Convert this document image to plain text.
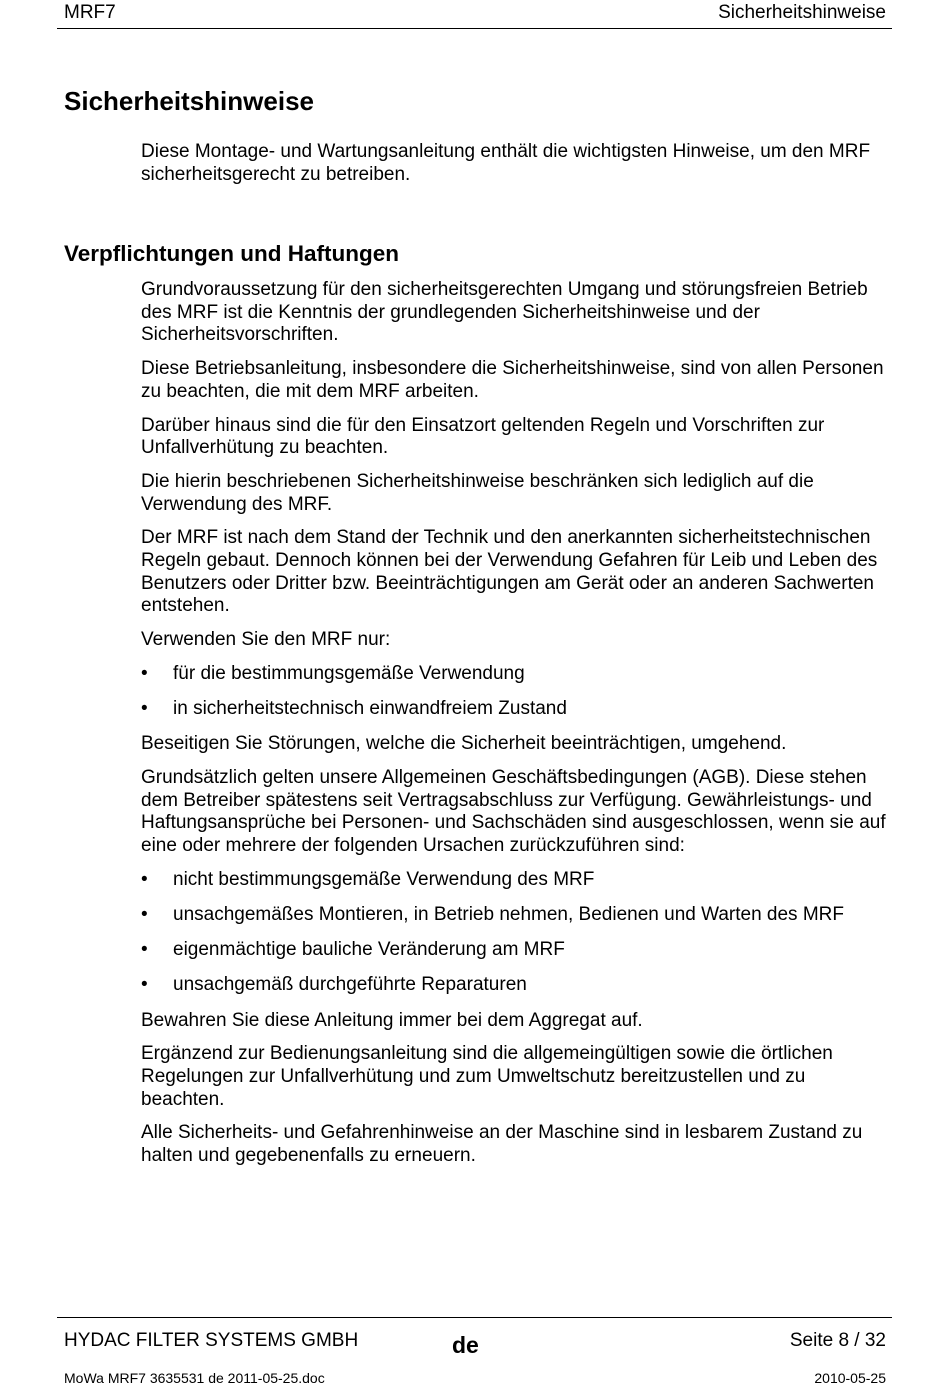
MRF7	Sicherheitshinweise
Sicherheitshinweise

Diese Montage- und Wartungsanleitung enthält die wichtigsten Hinweise, um den MRF sicherheitsgerecht zu betreiben.

Verpflichtungen und Haftungen

Grundvoraussetzung für den sicherheitsgerechten Umgang und störungsfreien Betrieb des MRF ist die Kenntnis der grundlegenden Sicherheitshinweise und der Sicherheitsvorschriften.

Diese Betriebsanleitung, insbesondere die Sicherheitshinweise, sind von allen Personen zu beachten, die mit dem MRF arbeiten.

Darüber hinaus sind die für den Einsatzort geltenden Regeln und Vorschriften zur Unfallverhütung zu beachten.

Die hierin beschriebenen Sicherheitshinweise beschränken sich lediglich auf die Verwendung des MRF.

Der MRF ist nach dem Stand der Technik und den anerkannten sicherheitstechnischen Regeln gebaut. Dennoch können bei der Verwendung Gefahren für Leib und Leben des Benutzers oder Dritter bzw. Beeinträchtigungen am Gerät oder an anderen Sachwerten entstehen.

Verwenden Sie den MRF nur:

• für die bestimmungsgemäße Verwendung
• in sicherheitstechnisch einwandfreiem Zustand

Beseitigen Sie Störungen, welche die Sicherheit beeinträchtigen, umgehend.

Grundsätzlich gelten unsere Allgemeinen Geschäftsbedingungen (AGB). Diese stehen dem Betreiber spätestens seit Vertragsabschluss zur Verfügung. Gewährleistungs- und Haftungsansprüche bei Personen- und Sachschäden sind ausgeschlossen, wenn sie auf eine oder mehrere der folgenden Ursachen zurückzuführen sind:

• nicht bestimmungsgemäße Verwendung des MRF
• unsachgemäßes Montieren, in Betrieb nehmen, Bedienen und Warten des MRF
• eigenmächtige bauliche Veränderung am MRF
• unsachgemäß durchgeführte Reparaturen

Bewahren Sie diese Anleitung immer bei dem Aggregat auf.

Ergänzend zur Bedienungsanleitung sind die allgemeingültigen sowie die örtlichen Regelungen zur Unfallverhütung und zum Umweltschutz bereitzustellen und zu beachten.

Alle Sicherheits- und Gefahrenhinweise an der Maschine sind in lesbarem Zustand zu halten und gegebenenfalls zu erneuern.

HYDAC FILTER SYSTEMS GMBH	de	Seite 8 / 32
MoWa MRF7 3635531 de 2011-05-25.doc	2010-05-25
